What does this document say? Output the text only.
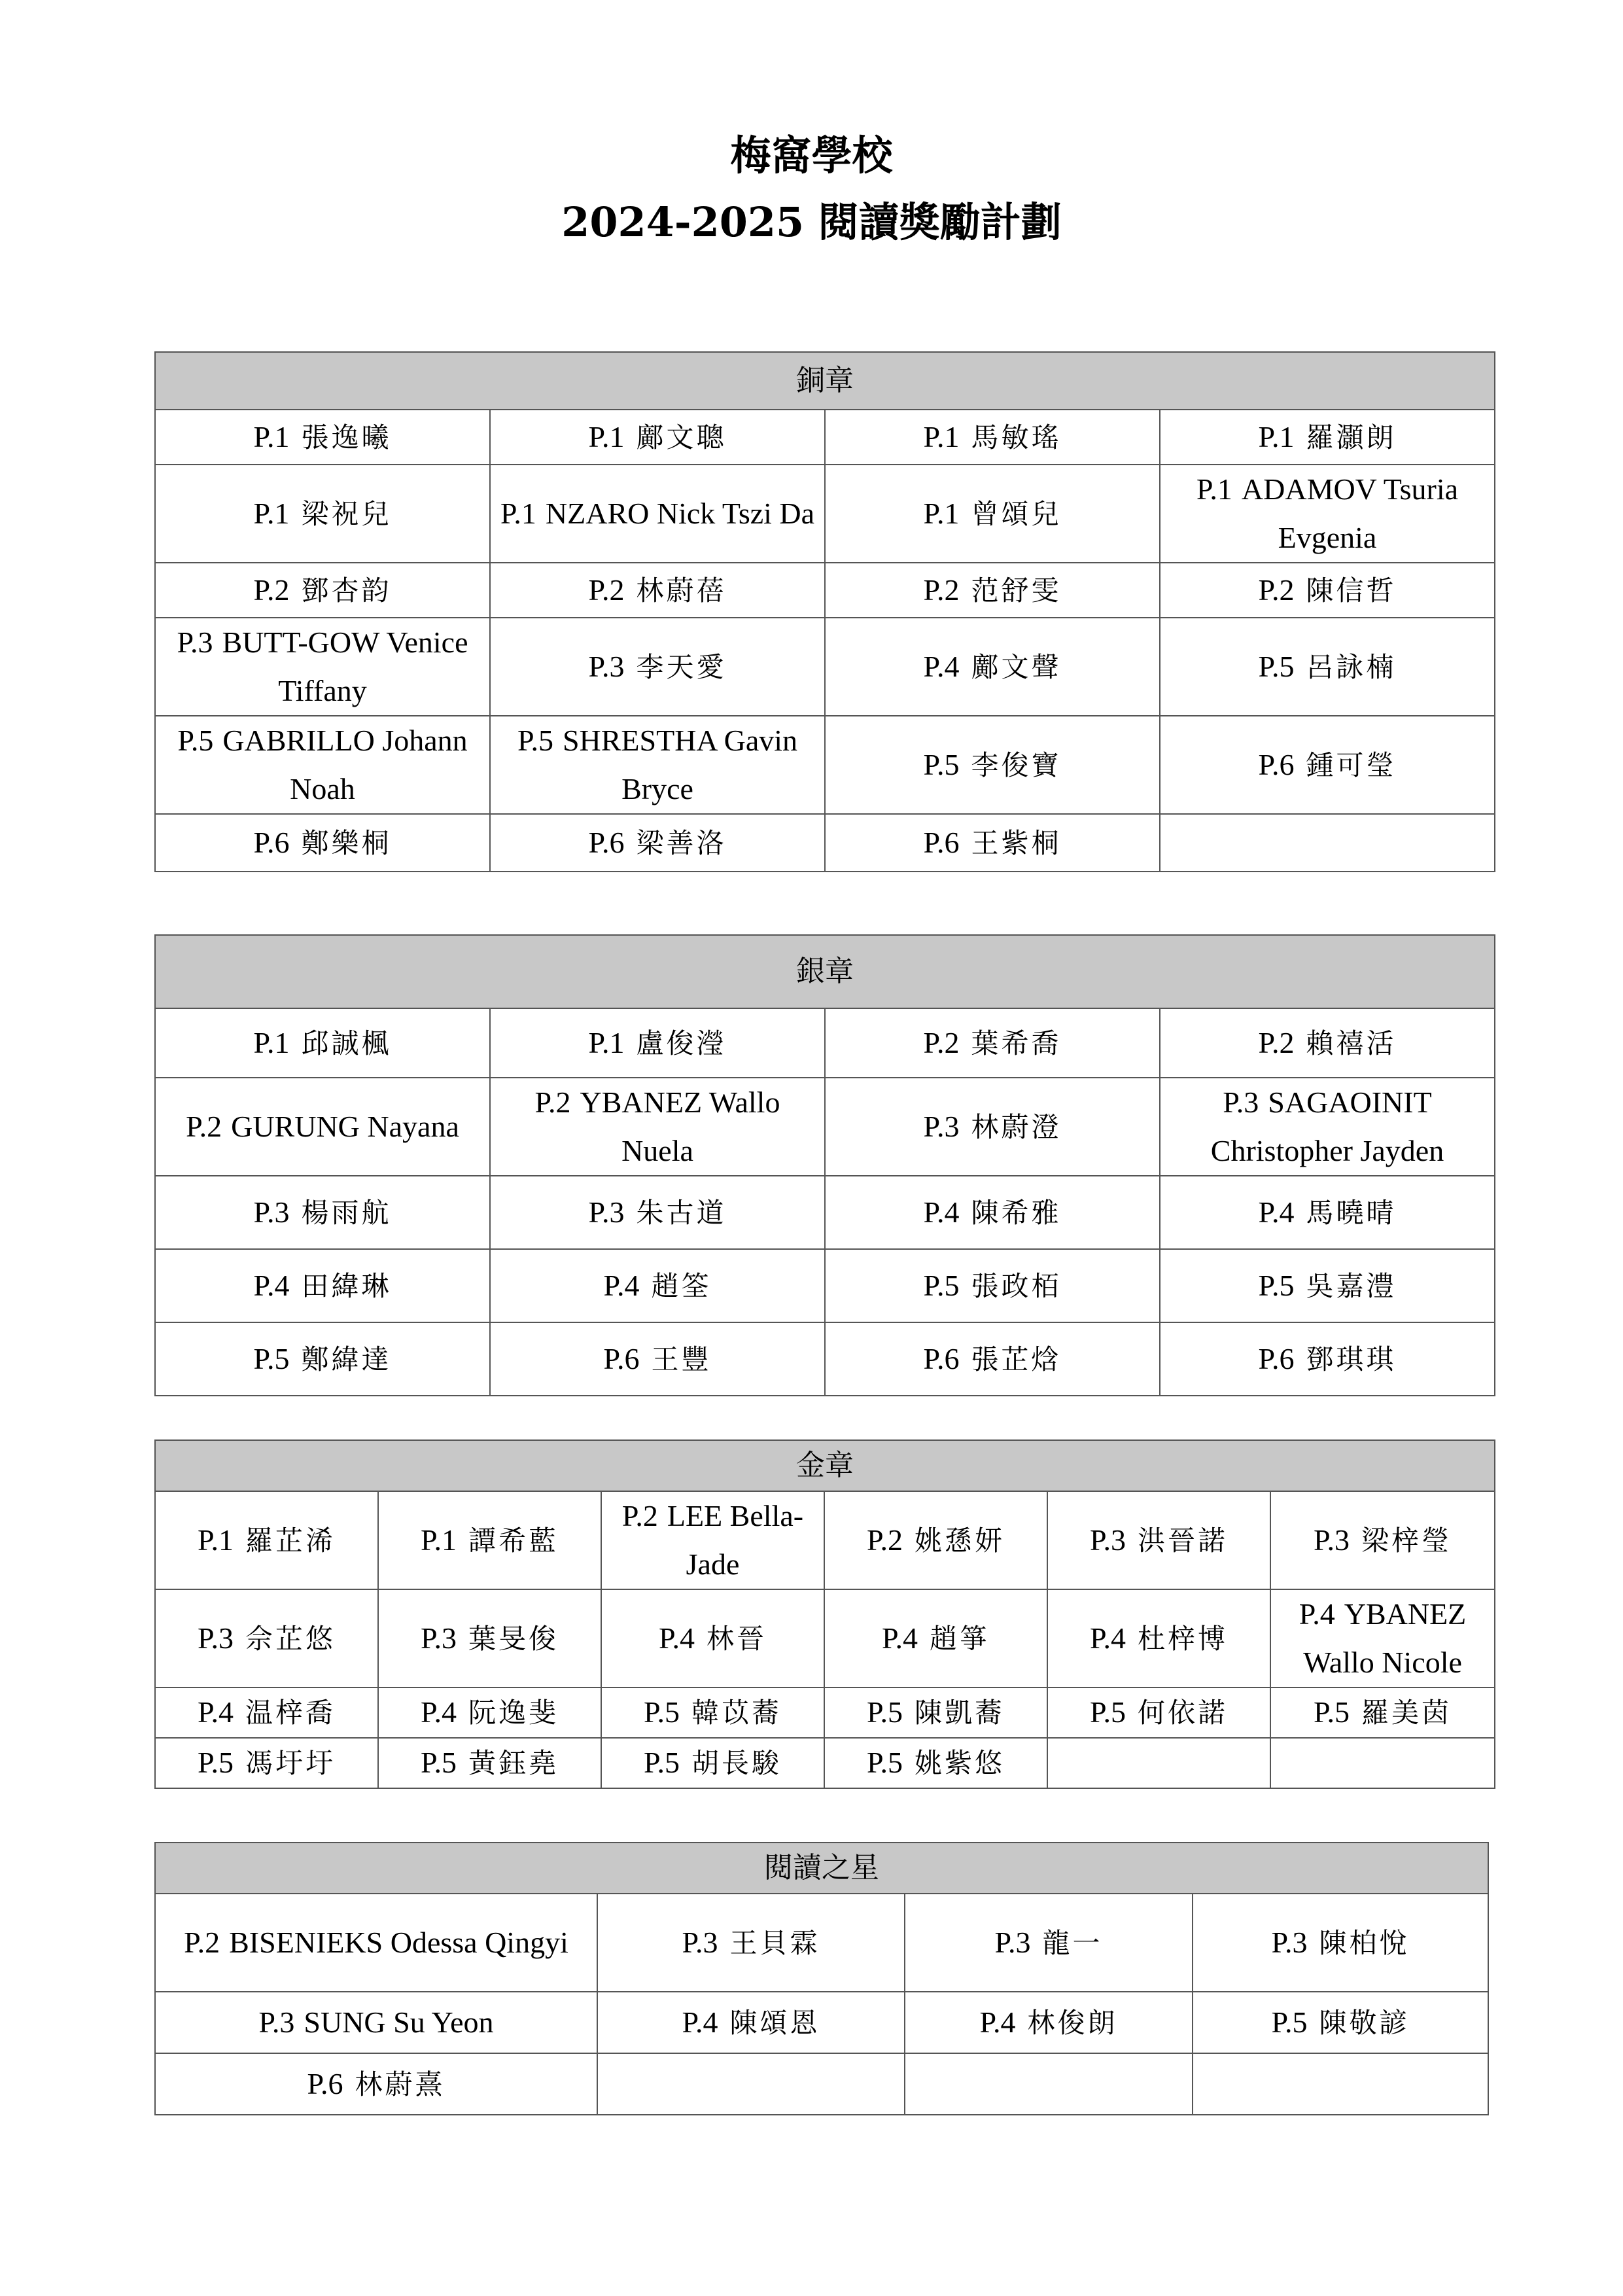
梅窩學校
2024-2025 閱讀獎勵計劃
銅章			
P.1 張逸曦	P.1 鄺文聰	P.1 馬敏瑤	P.1 羅灝朗
P.1 梁祝兒	P.1 NZARO Nick Tszi Da	P.1 曾頌兒	P.1 ADAMOV Tsuria Evgenia
P.2 鄧杏韵	P.2 林蔚蓓	P.2 范舒雯	P.2 陳信哲
P.3 BUTT-GOW Venice Tiffany	P.3 李天愛	P.4 鄺文聲	P.5 呂詠楠
P.5 GABRILLO Johann Noah	P.5 SHRESTHA Gavin Bryce	P.5 李俊寶	P.6 鍾可瑩
P.6 鄭樂桐	P.6 梁善洛	P.6 王紫桐	
銀章			
P.1 邱誠楓	P.1 盧俊瀅	P.2 葉希喬	P.2 賴禧活
P.2 GURUNG Nayana	P.2 YBANEZ Wallo Nuela	P.3 林蔚澄	P.3 SAGAOINIT Christopher Jayden
P.3 楊雨航	P.3 朱古道	P.4 陳希雅	P.4 馬曉晴
P.4 田緯琳	P.4 趙筌	P.5 張政栢	P.5 吳嘉澧
P.5 鄭緯達	P.6 王豐	P.6 張芷焓	P.6 鄧琪琪
金章					
P.1 羅芷浠	P.1 譚希藍	P.2 LEE Bella-Jade	P.2 姚愻妍	P.3 洪晉諾	P.3 梁梓瑩
P.3 佘芷悠	P.3 葉旻俊	P.4 林晉	P.4 趙箏	P.4 杜梓博	P.4 YBANEZ Wallo Nicole
P.4 温梓喬	P.4 阮逸斐	P.5 韓苡蕎	P.5 陳凱蕎	P.5 何依諾	P.5 羅美茵
P.5 馮圩圩	P.5 黃鈺堯	P.5 胡長駿	P.5 姚紫悠		
閱讀之星			
P.2 BISENIEKS Odessa Qingyi	P.3 王貝霖	P.3 龍一	P.3 陳柏悅
P.3 SUNG Su Yeon	P.4 陳頌恩	P.4 林俊朗	P.5 陳敬諺
P.6 林蔚熹			
